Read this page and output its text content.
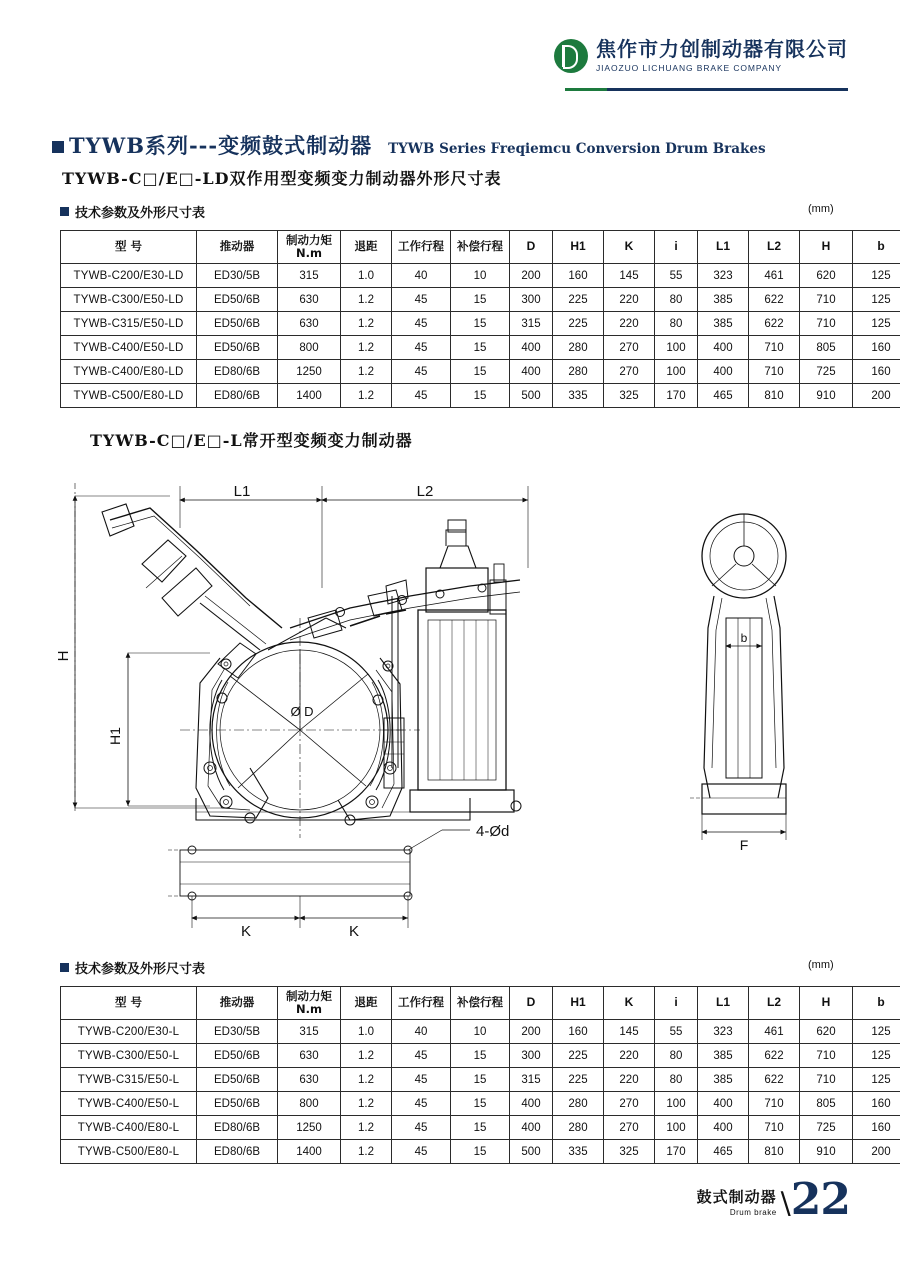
焦作市力创制动器有限公司
JIAOZUO LICHUANG BRAKE COMPANY
TYWB系列---变频鼓式制动器 TYWB Series Freqiemcu Conversion Drum Brakes
TYWB-C□/E□-LD双作用型变频变力制动器外形尺寸表
技术参数及外形尺寸表	(mm)
型 号	推动器	制动力矩
N.m	退距	工作行程	补偿行程	D	H1	K	i	L1	L2	H	b
TYWB-C200/E30-LD	ED30/5B	315	1.0	40	10	200	160	145	55	323	461	620	125
TYWB-C300/E50-LD	ED50/6B	630	1.2	45	15	300	225	220	80	385	622	710	125
TYWB-C315/E50-LD	ED50/6B	630	1.2	45	15	315	225	220	80	385	622	710	125
TYWB-C400/E50-LD	ED50/6B	800	1.2	45	15	400	280	270	100	400	710	805	160
TYWB-C400/E80-LD	ED80/6B	1250	1.2	45	15	400	280	270	100	400	710	725	160
TYWB-C500/E80-LD	ED80/6B	1400	1.2	45	15	500	335	325	170	465	810	910	200
TYWB-C□/E□-L常开型变频变力制动器
L1	L2
H
H1
Ø D
K	K
4-Ød
b
F
技术参数及外形尺寸表	(mm)
型 号	推动器	制动力矩
N.m	退距	工作行程	补偿行程	D	H1	K	i	L1	L2	H	b
TYWB-C200/E30-L	ED30/5B	315	1.0	40	10	200	160	145	55	323	461	620	125
TYWB-C300/E50-L	ED50/6B	630	1.2	45	15	300	225	220	80	385	622	710	125
TYWB-C315/E50-L	ED50/6B	630	1.2	45	15	315	225	220	80	385	622	710	125
TYWB-C400/E50-L	ED50/6B	800	1.2	45	15	400	280	270	100	400	710	805	160
TYWB-C400/E80-L	ED80/6B	1250	1.2	45	15	400	280	270	100	400	710	725	160
TYWB-C500/E80-L	ED80/6B	1400	1.2	45	15	500	335	325	170	465	810	910	200
鼓式制动器
Drum brake \ 22
